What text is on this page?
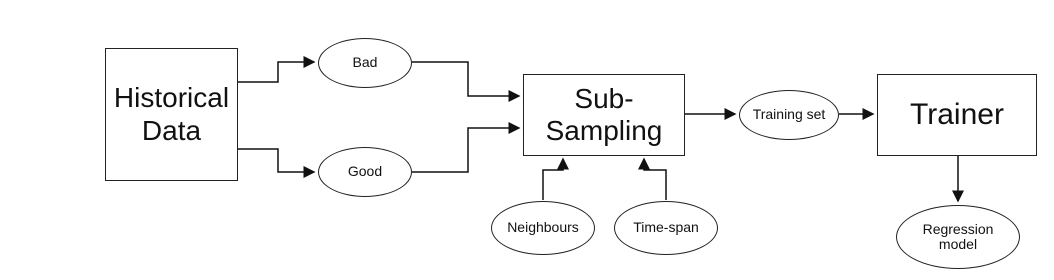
Historical
Data
Bad
Good
Sub-
Sampling
Training set	Trainer
Neighbours	Time-span	Regression
model
